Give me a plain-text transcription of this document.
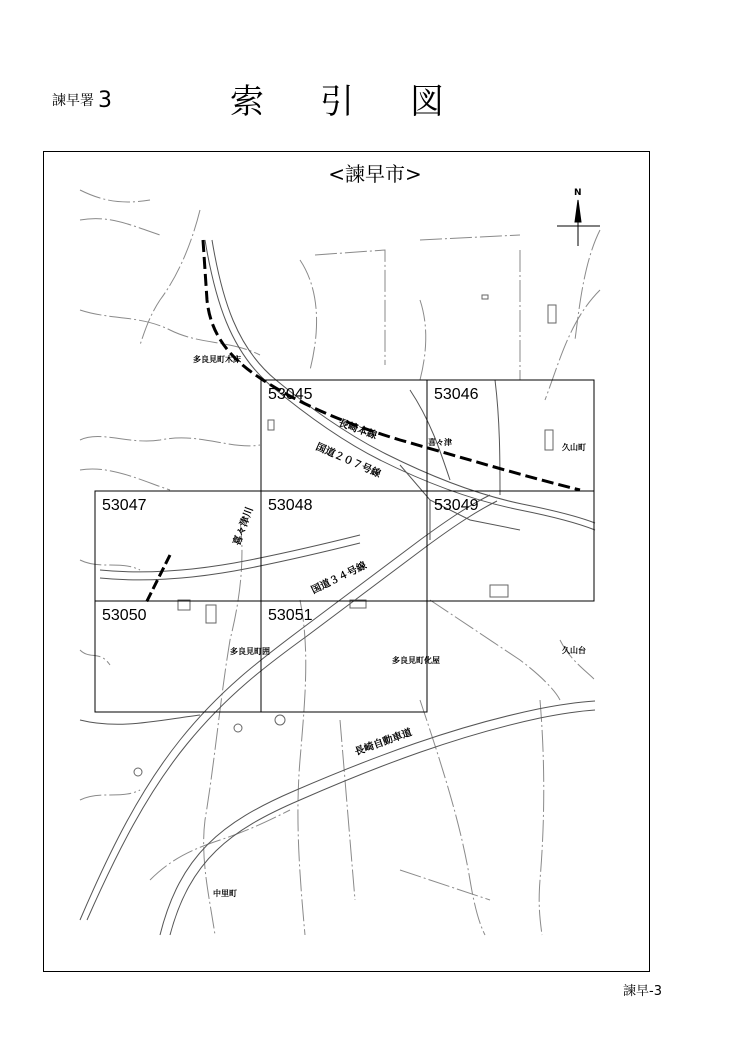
諫早署 3	索 引 図
<諫早市>
N
53045	53046
53047	53048	53049
53050	53051
多良見町木床
喜々津
久山町
多良見町囲
多良見町化屋
久山台
中里町
喜々津川
長崎本線
国道２０７号線
国道３４号線
長崎自動車道
諫早-3
